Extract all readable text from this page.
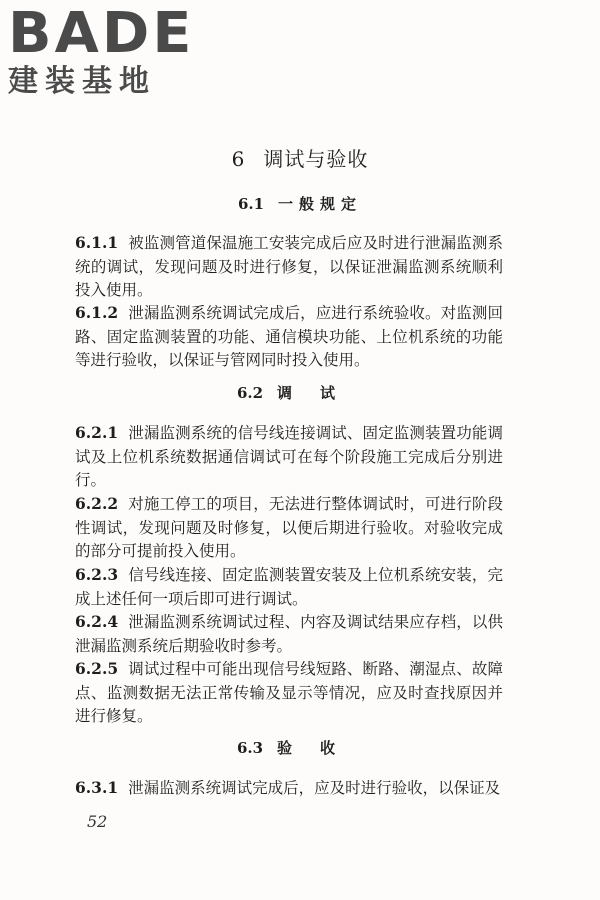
BADE
建装基地
6 调试与验收
6.1 一般规定

6.1.1 被监测管道保温施工安装完成后应及时进行泄漏监测系统的调试，发现问题及时进行修复，以保证泄漏监测系统顺利投入使用。

6.1.2 泄漏监测系统调试完成后，应进行系统验收。对监测回路、固定监测装置的功能、通信模块功能、上位机系统的功能等进行验收，以保证与管网同时投入使用。

6.2 调试

6.2.1 泄漏监测系统的信号线连接调试、固定监测装置功能调试及上位机系统数据通信调试可在每个阶段施工完成后分别进行。

6.2.2 对施工停工的项目，无法进行整体调试时，可进行阶段性调试，发现问题及时修复，以便后期进行验收。对验收完成的部分可提前投入使用。

6.2.3 信号线连接、固定监测装置安装及上位机系统安装，完成上述任何一项后即可进行调试。

6.2.4 泄漏监测系统调试过程、内容及调试结果应存档，以供泄漏监测系统后期验收时参考。

6.2.5 调试过程中可能出现信号线短路、断路、潮湿点、故障点、监测数据无法正常传输及显示等情况，应及时查找原因并进行修复。

6.3 验收

6.3.1 泄漏监测系统调试完成后，应及时进行验收，以保证及

52
